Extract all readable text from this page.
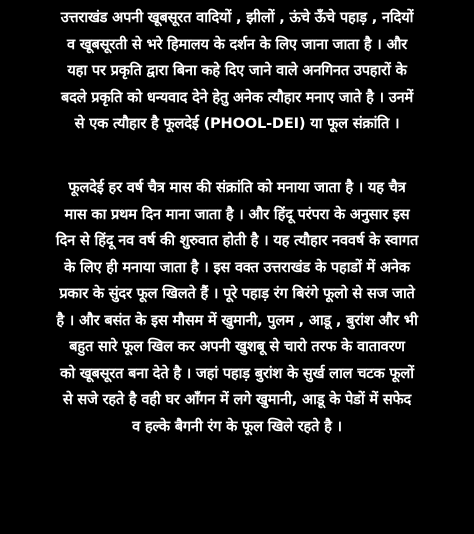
उत्तराखंड अपनी खूबसूरत वादियों , झीलों , ऊंचे ऊँचे पहाड़ , नदियों
व खूबसूरती से भरे हिमालय के दर्शन के लिए जाना जाता है । और
यहा पर प्रकृति द्वारा बिना कहे दिए जाने वाले अनगिनत उपहारों के
बदले प्रकृति को धन्यवाद देने हेतु अनेक त्यौहार मनाए जाते है । उनमें
से एक त्यौहार है फूलदेई (PHOOL-DEI) या फूल संक्रांति ।

फूलदेई हर वर्ष चैत्र मास की संक्रांति को मनाया जाता है । यह चैत्र
मास का प्रथम दिन माना जाता है । और हिंदू परंपरा के अनुसार इस
दिन से हिंदू नव वर्ष की शुरुवात होती है । यह त्यौहार नववर्ष के स्वागत
के लिए ही मनाया जाता है । इस वक्त उत्तराखंड के पहाडों में अनेक
प्रकार के सुंदर फूल खिलते हैं । पूरे पहाड़ रंग बिरंगे फूलो से सज जाते
है । और बसंत के इस मौसम में खुमानी, पुलम , आडू , बुरांश और भी
बहुत सारे फूल खिल कर अपनी खुशबू से चारो तरफ के वातावरण
को खूबसूरत बना देते है । जहां पहाड़ बुरांश के सुर्ख लाल चटक फूलों
से सजे रहते है वही घर आँगन में लगे खुमानी, आडू के पेडों में सफेद
व हल्के बैगनी रंग के फूल खिले रहते है ।
